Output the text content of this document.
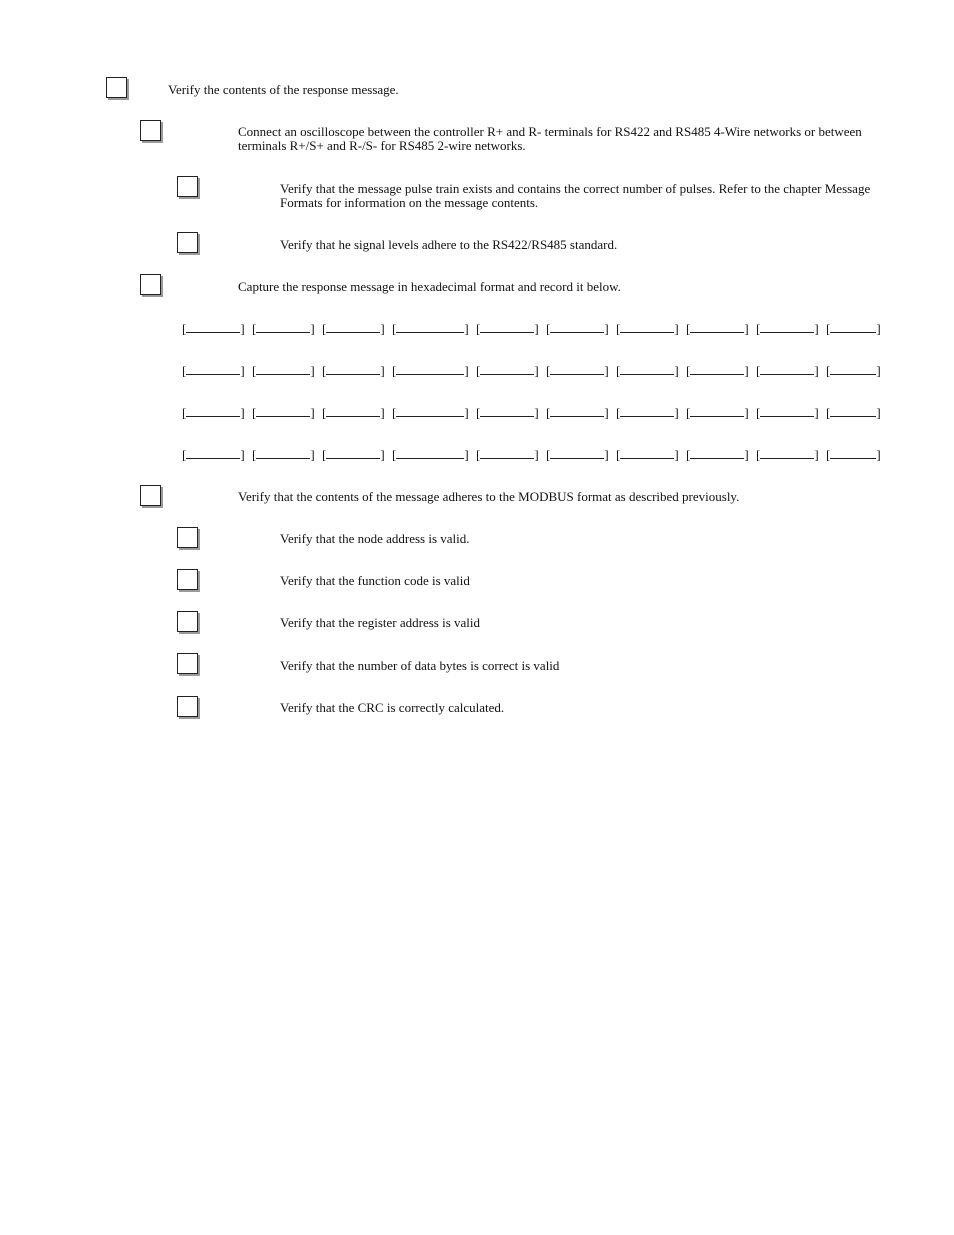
Verify the contents of the response message.
Connect an oscilloscope between the controller R+ and R- terminals for RS422 and RS485 4-Wire networks or between terminals R+/S+ and R-/S- for RS485 2-wire networks.
Verify that the message pulse train exists and contains the correct number of pulses. Refer to the chapter Message Formats for information on the message contents.
Verify that he signal levels adhere to the RS422/RS485 standard.
Capture the response message in hexadecimal format and record it below.
[	] [	] [	] [	] [	] [	] [	] [	] [	] [	]
[	] [	] [	] [	] [	] [	] [	] [	] [	] [	]
[	] [	] [	] [	] [	] [	] [	] [	] [	] [	]
[	] [	] [	] [	] [	] [	] [	] [	] [	] [	]
Verify that the contents of the message adheres to the MODBUS format as described previously.
Verify that the node address is valid.
Verify that the function code is valid
Verify that the register address is valid
Verify that the number of data bytes is correct is valid
Verify that the CRC is correctly calculated.
